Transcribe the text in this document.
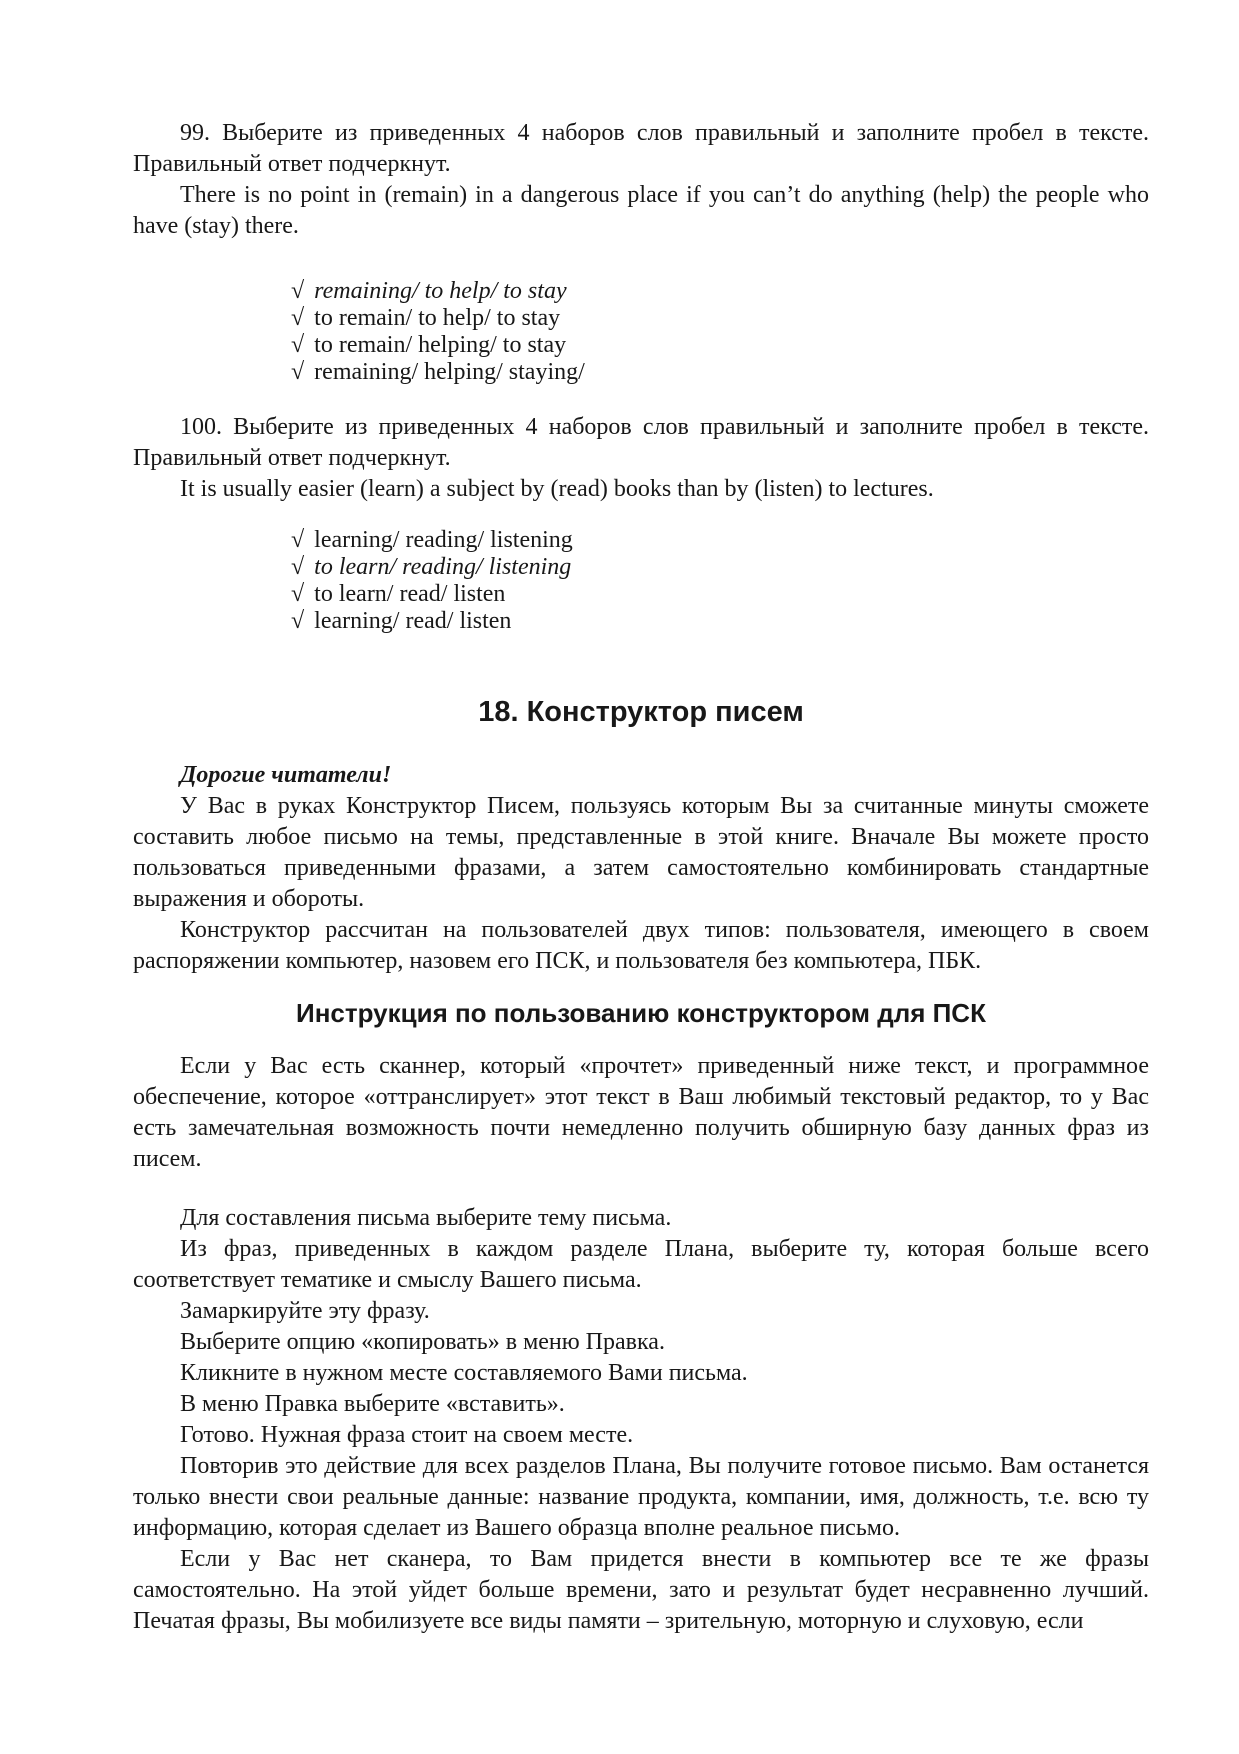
99. Выберите из приведенных 4 наборов слов правильный и заполните пробел в тексте. Правильный ответ подчеркнут.

There is no point in (remain) in a dangerous place if you can’t do anything (help) the people who have (stay) there.

√ remaining/ to help/ to stay
√ to remain/ to help/ to stay
√ to remain/ helping/ to stay
√ remaining/ helping/ staying/

100. Выберите из приведенных 4 наборов слов правильный и заполните пробел в тексте. Правильный ответ подчеркнут.

It is usually easier (learn) a subject by (read) books than by (listen) to lectures.

√ learning/ reading/ listening
√ to learn/ reading/ listening
√ to learn/ read/ listen
√ learning/ read/ listen
18. Конструктор писем

Дорогие читатели!

У Вас в руках Конструктор Писем, пользуясь которым Вы за считанные минуты сможете составить любое письмо на темы, представленные в этой книге. Вначале Вы можете просто пользоваться приведенными фразами, а затем самостоятельно комбинировать стандартные выражения и обороты.

Конструктор рассчитан на пользователей двух типов: пользователя, имеющего в своем распоряжении компьютер, назовем его ПСК, и пользователя без компьютера, ПБК.

Инструкция по пользованию конструктором для ПСК

Если у Вас есть сканнер, который «прочтет» приведенный ниже текст, и программное обеспечение, которое «оттранслирует» этот текст в Ваш любимый текстовый редактор, то у Вас есть замечательная возможность почти немедленно получить обширную базу данных фраз из писем.

Для составления письма выберите тему письма.

Из фраз, приведенных в каждом разделе Плана, выберите ту, которая больше всего соответствует тематике и смыслу Вашего письма.

Замаркируйте эту фразу.

Выберите опцию «копировать» в меню Правка.

Кликните в нужном месте составляемого Вами письма.

В меню Правка выберите «вставить».

Готово. Нужная фраза стоит на своем месте.

Повторив это действие для всех разделов Плана, Вы получите готовое письмо. Вам останется только внести свои реальные данные: название продукта, компании, имя, должность, т.е. всю ту информацию, которая сделает из Вашего образца вполне реальное письмо.

Если у Вас нет сканера, то Вам придется внести в компьютер все те же фразы самостоятельно. На этой уйдет больше времени, зато и результат будет несравненно лучший. Печатая фразы, Вы мобилизуете все виды памяти – зрительную, моторную и слуховую, если
